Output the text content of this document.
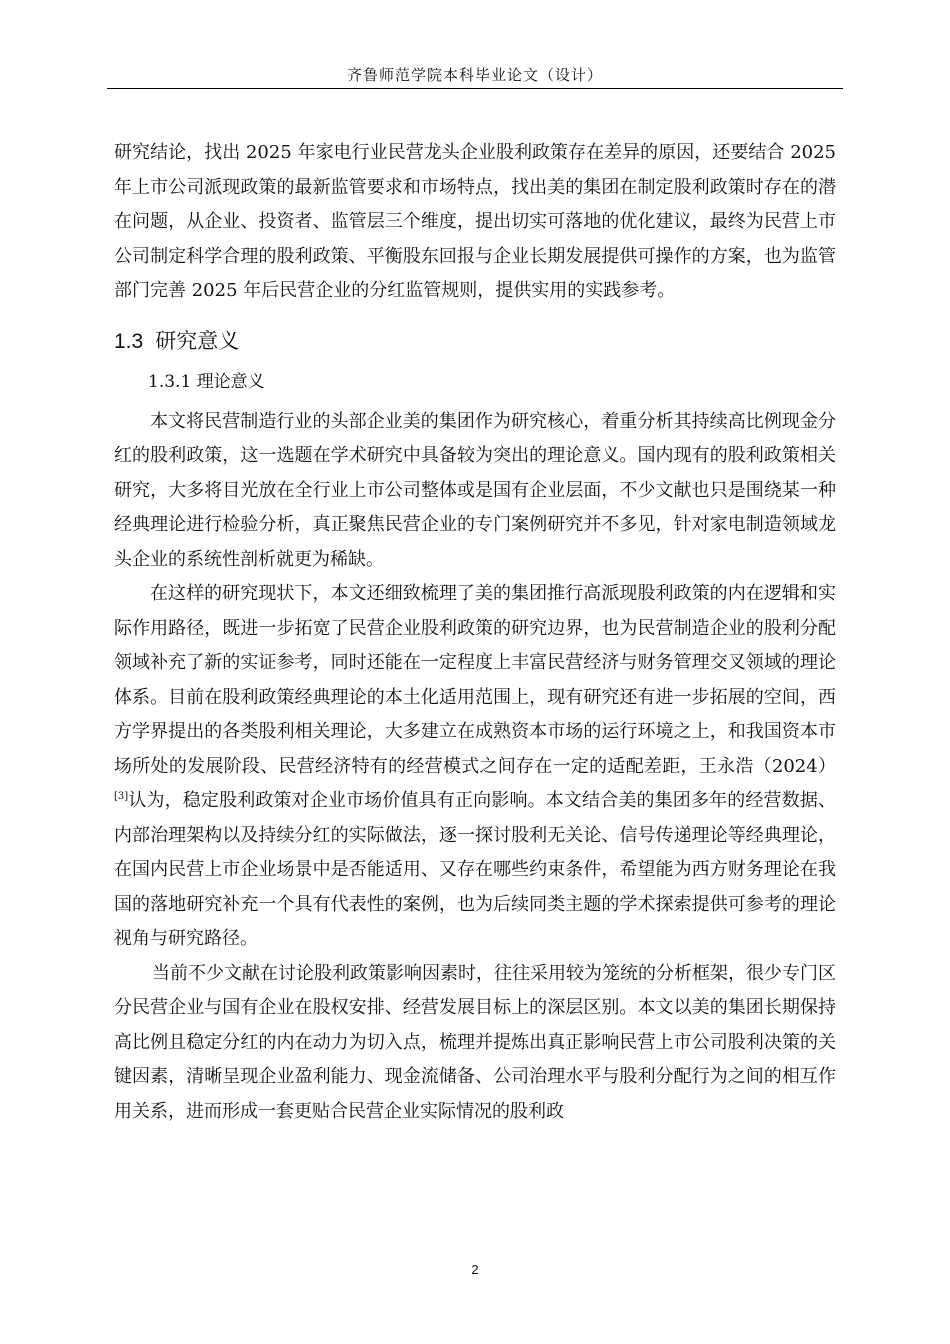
齐鲁师范学院本科毕业论文（设计）

研究结论，找出 2025 年家电行业民营龙头企业股利政策存在差异的原因，还要结合 2025 年上市公司派现政策的最新监管要求和市场特点，找出美的集团在制定股利政策时存在的潜在问题，从企业、投资者、监管层三个维度，提出切实可落地的优化建议，最终为民营上市公司制定科学合理的股利政策、平衡股东回报与企业长期发展提供可操作的方案，也为监管部门完善 2025 年后民营企业的分红监管规则，提供实用的实践参考。

1.3 研究意义
1.3.1 理论意义

本文将民营制造行业的头部企业美的集团作为研究核心，着重分析其持续高比例现金分红的股利政策，这一选题在学术研究中具备较为突出的理论意义。国内现有的股利政策相关研究，大多将目光放在全行业上市公司整体或是国有企业层面，不少文献也只是围绕某一种经典理论进行检验分析，真正聚焦民营企业的专门案例研究并不多见，针对家电制造领域龙头企业的系统性剖析就更为稀缺。

在这样的研究现状下，本文还细致梳理了美的集团推行高派现股利政策的内在逻辑和实际作用路径，既进一步拓宽了民营企业股利政策的研究边界，也为民营制造企业的股利分配领域补充了新的实证参考，同时还能在一定程度上丰富民营经济与财务管理交叉领域的理论体系。目前在股利政策经典理论的本土化适用范围上，现有研究还有进一步拓展的空间，西方学界提出的各类股利相关理论，大多建立在成熟资本市场的运行环境之上，和我国资本市场所处的发展阶段、民营经济特有的经营模式之间存在一定的适配差距，王永浩（2024）[3]认为，稳定股利政策对企业市场价值具有正向影响。本文结合美的集团多年的经营数据、内部治理架构以及持续分红的实际做法，逐一探讨股利无关论、信号传递理论等经典理论，在国内民营上市企业场景中是否能适用、又存在哪些约束条件，希望能为西方财务理论在我国的落地研究补充一个具有代表性的案例，也为后续同类主题的学术探索提供可参考的理论视角与研究路径。

当前不少文献在讨论股利政策影响因素时，往往采用较为笼统的分析框架，很少专门区分民营企业与国有企业在股权安排、经营发展目标上的深层区别。本文以美的集团长期保持高比例且稳定分红的内在动力为切入点，梳理并提炼出真正影响民营上市公司股利决策的关键因素，清晰呈现企业盈利能力、现金流储备、公司治理水平与股利分配行为之间的相互作用关系，进而形成一套更贴合民营企业实际情况的股利政

2
